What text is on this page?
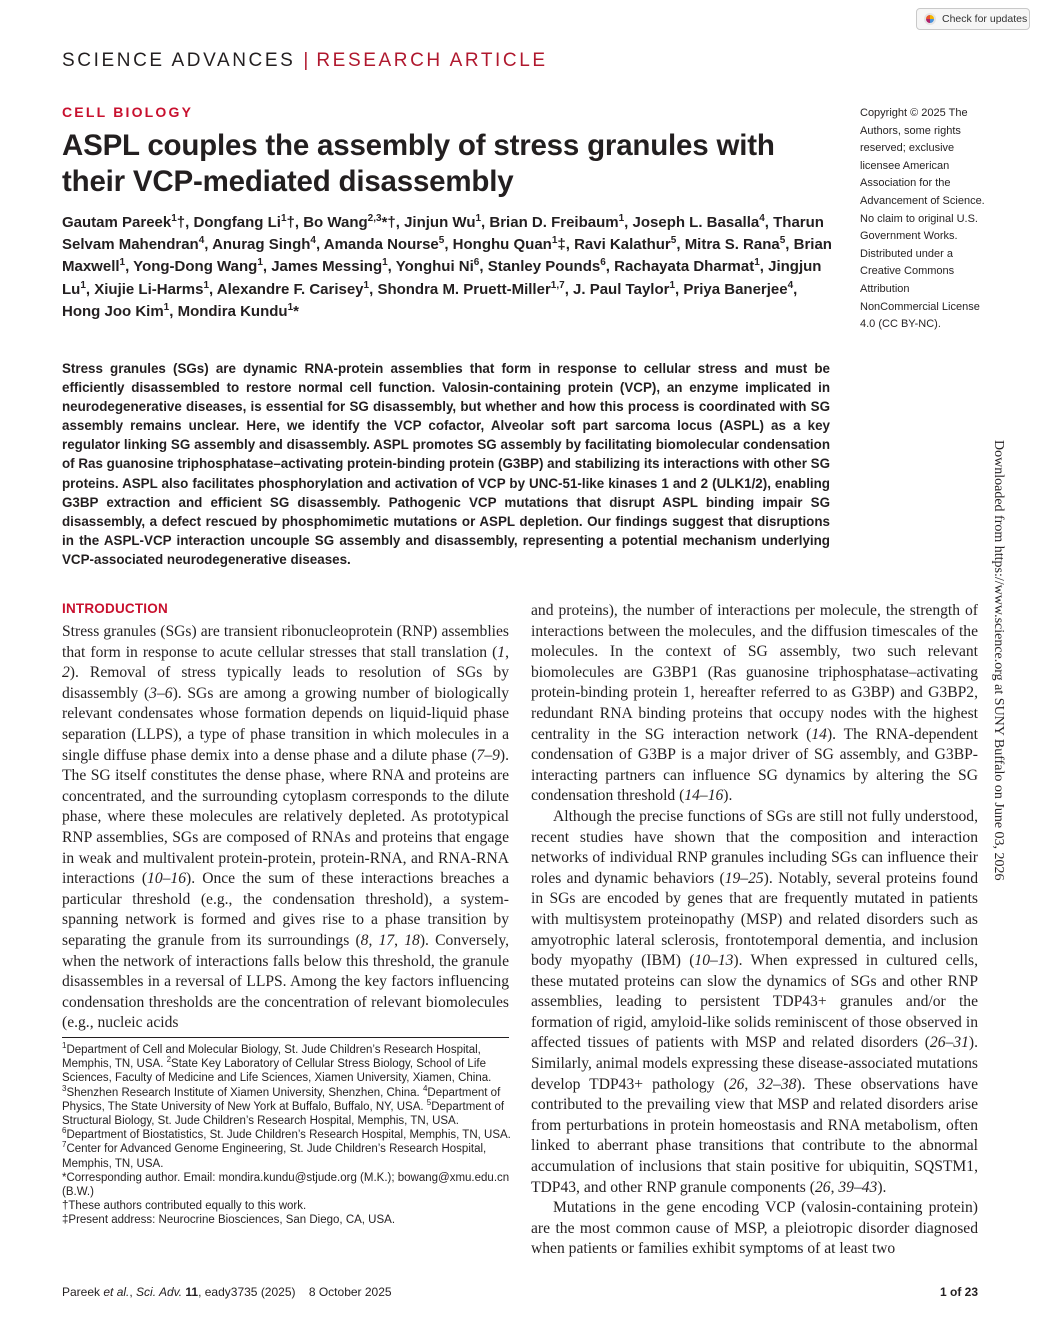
Check for updates
SCIENCE ADVANCES | RESEARCH ARTICLE
CELL BIOLOGY
ASPL couples the assembly of stress granules with their VCP-mediated disassembly
Gautam Pareek$^1$†, Dongfang Li$^1$†, Bo Wang$^{2,3}$*†, Jinjun Wu$^1$, Brian D. Freibaum$^1$, Joseph L. Basalla$^4$, Tharun Selvam Mahendran$^4$, Anurag Singh$^4$, Amanda Nourse$^5$, Honghu Quan$^1$‡, Ravi Kalathur$^5$, Mitra S. Rana$^5$, Brian Maxwell$^1$, Yong-Dong Wang$^1$, James Messing$^1$, Yonghui Ni$^6$, Stanley Pounds$^6$, Rachayata Dharmat$^1$, Jingjun Lu$^1$, Xiujie Li-Harms$^1$, Alexandre F. Carisey$^1$, Shondra M. Pruett-Miller$^{1,7}$, J. Paul Taylor$^1$, Priya Banerjee$^4$, Hong Joo Kim$^1$, Mondira Kundu$^1$*
Copyright © 2025 The Authors, some rights reserved; exclusive licensee American Association for the Advancement of Science. No claim to original U.S. Government Works. Distributed under a Creative Commons Attribution NonCommercial License 4.0 (CC BY-NC).
Stress granules (SGs) are dynamic RNA-protein assemblies that form in response to cellular stress and must be efficiently disassembled to restore normal cell function. Valosin-containing protein (VCP), an enzyme implicated in neurodegenerative diseases, is essential for SG disassembly, but whether and how this process is coordinated with SG assembly remains unclear. Here, we identify the VCP cofactor, Alveolar soft part sarcoma locus (ASPL) as a key regulator linking SG assembly and disassembly. ASPL promotes SG assembly by facilitating biomolecular condensation of Ras guanosine triphosphatase–activating protein-binding protein (G3BP) and stabilizing its interactions with other SG proteins. ASPL also facilitates phosphorylation and activation of VCP by UNC-51-like kinases 1 and 2 (ULK1/2), enabling G3BP extraction and efficient SG disassembly. Pathogenic VCP mutations that disrupt ASPL binding impair SG disassembly, a defect rescued by phosphomimetic mutations or ASPL depletion. Our findings suggest that disruptions in the ASPL-VCP interaction uncouple SG assembly and disassembly, representing a potential mechanism underlying VCP-associated neurodegenerative diseases.	Downloaded from https://www.science.org at SUNY Buffalo on June 03, 2026
INTRODUCTION

Stress granules (SGs) are transient ribonucleoprotein (RNP) assemblies that form in response to acute cellular stresses that stall translation (1, 2). Removal of stress typically leads to resolution of SGs by disassembly (3–6). SGs are among a growing number of biologically relevant condensates whose formation depends on liquid-liquid phase separation (LLPS), a type of phase transition in which molecules in a single diffuse phase demix into a dense phase and a dilute phase (7–9). The SG itself constitutes the dense phase, where RNA and proteins are concentrated, and the surrounding cytoplasm corresponds to the dilute phase, where these molecules are relatively depleted. As prototypical RNP assemblies, SGs are composed of RNAs and proteins that engage in weak and multivalent protein-protein, protein-RNA, and RNA-RNA interactions (10–16). Once the sum of these interactions breaches a particular threshold (e.g., the condensation threshold), a system-spanning network is formed and gives rise to a phase transition by separating the granule from its surroundings (8, 17, 18). Conversely, when the network of interactions falls below this threshold, the granule disassembles in a reversal of LLPS. Among the key factors influencing condensation thresholds are the concentration of relevant biomolecules (e.g., nucleic acids

and proteins), the number of interactions per molecule, the strength of interactions between the molecules, and the diffusion timescales of the molecules. In the context of SG assembly, two such relevant biomolecules are G3BP1 (Ras guanosine triphosphatase–activating protein-binding protein 1, hereafter referred to as G3BP) and G3BP2, redundant RNA binding proteins that occupy nodes with the highest centrality in the SG interaction network (14). The RNA-dependent condensation of G3BP is a major driver of SG assembly, and G3BP-interacting partners can influence SG dynamics by altering the SG condensation threshold (14–16).

Although the precise functions of SGs are still not fully understood, recent studies have shown that the composition and interaction networks of individual RNP granules including SGs can influence their roles and dynamic behaviors (19–25). Notably, several proteins found in SGs are encoded by genes that are frequently mutated in patients with multisystem proteinopathy (MSP) and related disorders such as amyotrophic lateral sclerosis, frontotemporal dementia, and inclusion body myopathy (IBM) (10–13). When expressed in cultured cells, these mutated proteins can slow the dynamics of SGs and other RNP assemblies, leading to persistent TDP43+ granules and/or the formation of rigid, amyloid-like solids reminiscent of those observed in affected tissues of patients with MSP and related disorders (26–31). Similarly, animal models expressing these disease-associated mutations develop TDP43+ pathology (26, 32–38). These observations have contributed to the prevailing view that MSP and related disorders arise from perturbations in protein homeostasis and RNA metabolism, often linked to aberrant phase transitions that contribute to the abnormal accumulation of inclusions that stain positive for ubiquitin, SQSTM1, TDP43, and other RNP granule components (26, 39–43).

Mutations in the gene encoding VCP (valosin-containing protein) are the most common cause of MSP, a pleiotropic disorder diagnosed when patients or families exhibit symptoms of at least two

$^1$Department of Cell and Molecular Biology, St. Jude Children’s Research Hospital, Memphis, TN, USA. $^2$State Key Laboratory of Cellular Stress Biology, School of Life Sciences, Faculty of Medicine and Life Sciences, Xiamen University, Xiamen, China. $^3$Shenzhen Research Institute of Xiamen University, Shenzhen, China. $^4$Department of Physics, The State University of New York at Buffalo, Buffalo, NY, USA. $^5$Department of Structural Biology, St. Jude Children’s Research Hospital, Memphis, TN, USA. $^6$Department of Biostatistics, St. Jude Children’s Research Hospital, Memphis, TN, USA. $^7$Center for Advanced Genome Engineering, St. Jude Children’s Research Hospital, Memphis, TN, USA.

*Corresponding author. Email: mondira.kundu@stjude.org (M.K.); bowang@xmu.edu.cn (B.W.)

†These authors contributed equally to this work.

‡Present address: Neurocrine Biosciences, San Diego, CA, USA.

Pareek et al., Sci. Adv. 11, eady3735 (2025) 8 October 2025	1 of 23
